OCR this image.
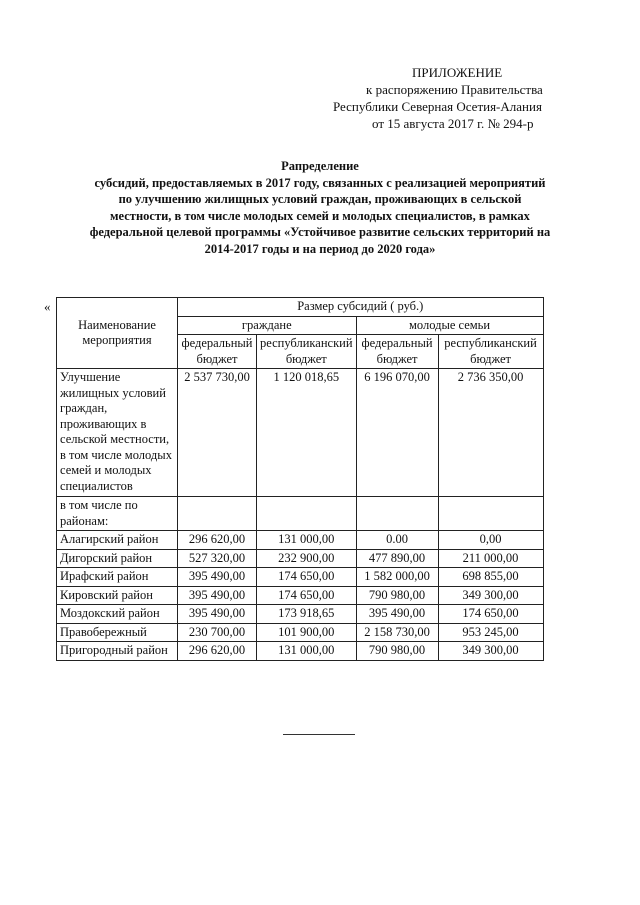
ПРИЛОЖЕНИЕ
к распоряжению Правительства
Республики Северная Осетия-Алания
от 15 августа 2017 г. № 294-р
Рапределение
субсидий, предоставляемых в 2017 году, связанных с реализацией мероприятий
по улучшению жилищных условий граждан, проживающих в сельской
местности, в том числе молодых семей и молодых специалистов, в рамках
федеральной целевой программы «Устойчивое развитие сельских территорий на
2014-2017 годы и на период до 2020 года»
«
Наименование мероприятия	Размер субсидий ( руб.)			
	граждане		молодые семьи	
	федеральный бюджет	республиканский бюджет	федеральный бюджет	республиканский бюджет
Улучшение жилищных условий граждан, проживающих в сельской местности, в том числе молодых семей и молодых специалистов	2 537 730,00	1 120 018,65	6 196 070,00	2 736 350,00
в том числе по районам:				
Алагирский район	296 620,00	131 000,00	0.00	0,00
Дигорский район	527 320,00	232 900,00	477 890,00	211 000,00
Ирафский район	395 490,00	174 650,00	1 582 000,00	698 855,00
Кировский район	395 490,00	174 650,00	790 980,00	349 300,00
Моздокский район	395 490,00	173 918,65	395 490,00	174 650,00
Правобережный	230 700,00	101 900,00	2 158 730,00	953 245,00
Пригородный район	296 620,00	131 000,00	790 980,00	349 300,00
